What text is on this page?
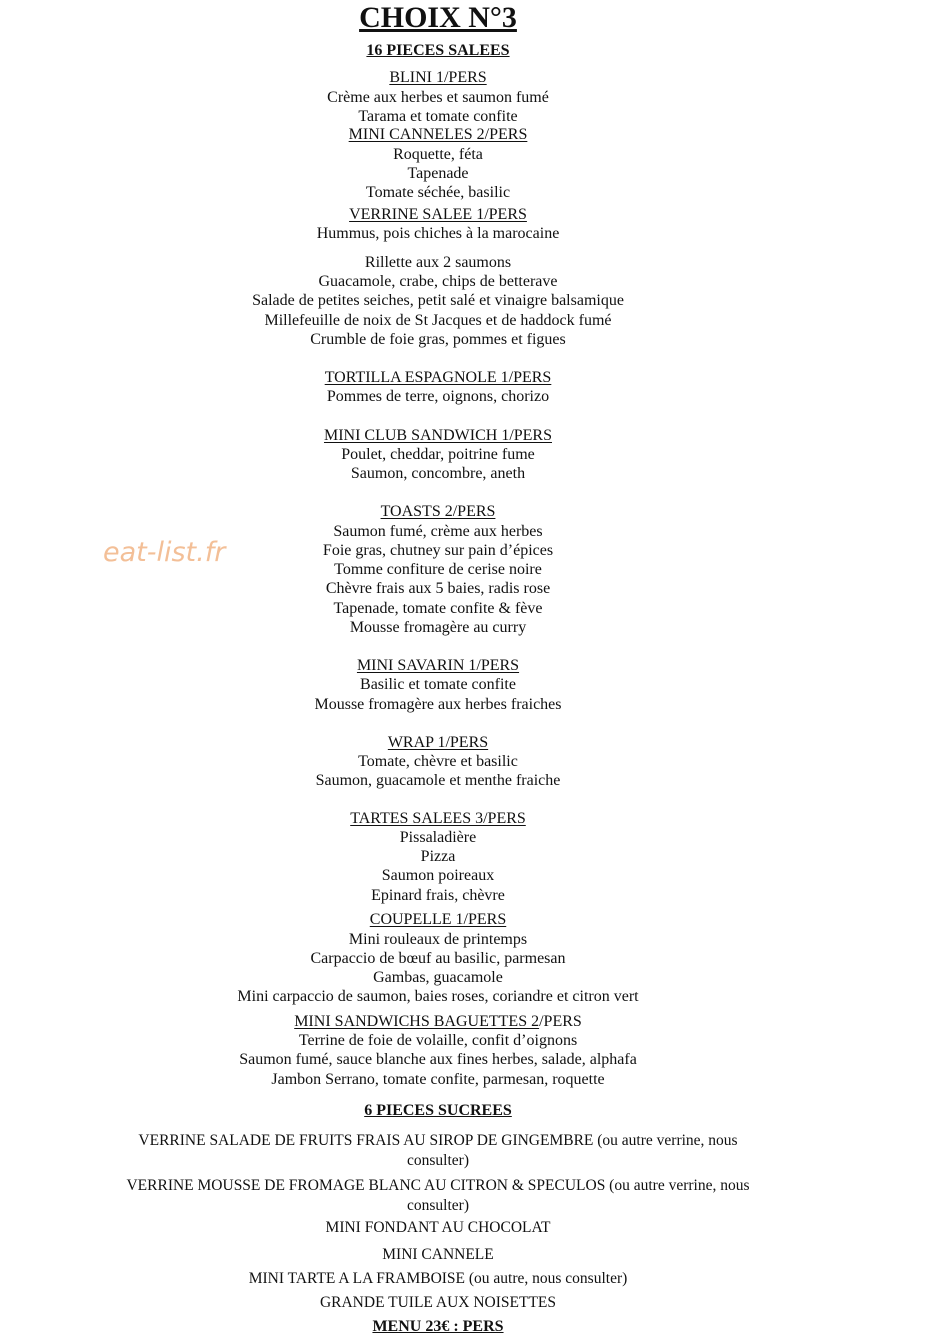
CHOIX N°3
16 PIECES SALEES
BLINI 1/PERS
Crème aux herbes et saumon fumé
Tarama et tomate confite
MINI CANNELES 2/PERS
Roquette, féta
Tapenade
Tomate séchée, basilic
VERRINE SALEE 1/PERS
Hummus, pois chiches à la marocaine
Rillette aux 2 saumons
Guacamole, crabe, chips de betterave
Salade de petites seiches, petit salé et vinaigre balsamique
Millefeuille de noix de St Jacques et de haddock fumé
Crumble de foie gras, pommes et figues
TORTILLA ESPAGNOLE 1/PERS
Pommes de terre, oignons, chorizo
MINI CLUB SANDWICH 1/PERS
Poulet, cheddar, poitrine fume
Saumon, concombre, aneth
TOASTS 2/PERS
Saumon fumé, crème aux herbes
Foie gras, chutney sur pain d’épices
Tomme confiture de cerise noire
Chèvre frais aux 5 baies, radis rose
Tapenade, tomate confite & fève
Mousse fromagère au curry
MINI SAVARIN 1/PERS
Basilic et tomate confite
Mousse fromagère aux herbes fraiches
WRAP 1/PERS
Tomate, chèvre et basilic
Saumon, guacamole et menthe fraiche
TARTES SALEES 3/PERS
Pissaladière
Pizza
Saumon poireaux
Epinard frais, chèvre
COUPELLE 1/PERS
Mini rouleaux de printemps
Carpaccio de bœuf au basilic, parmesan
Gambas, guacamole
Mini carpaccio de saumon, baies roses, coriandre et citron vert
MINI SANDWICHS BAGUETTES 2/PERS
Terrine de foie de volaille, confit d’oignons
Saumon fumé, sauce blanche aux fines herbes, salade, alphafa
Jambon Serrano, tomate confite, parmesan, roquette
6 PIECES SUCREES
VERRINE SALADE DE FRUITS FRAIS AU SIROP DE GINGEMBRE (ou autre verrine, nous consulter)
VERRINE MOUSSE DE FROMAGE BLANC AU CITRON & SPECULOS (ou autre verrine, nous consulter)
MINI FONDANT AU CHOCOLAT
MINI CANNELE
MINI TARTE A LA FRAMBOISE (ou autre, nous consulter)
GRANDE TUILE AUX NOISETTES
MENU 23€ : PERS
eat-list.fr
